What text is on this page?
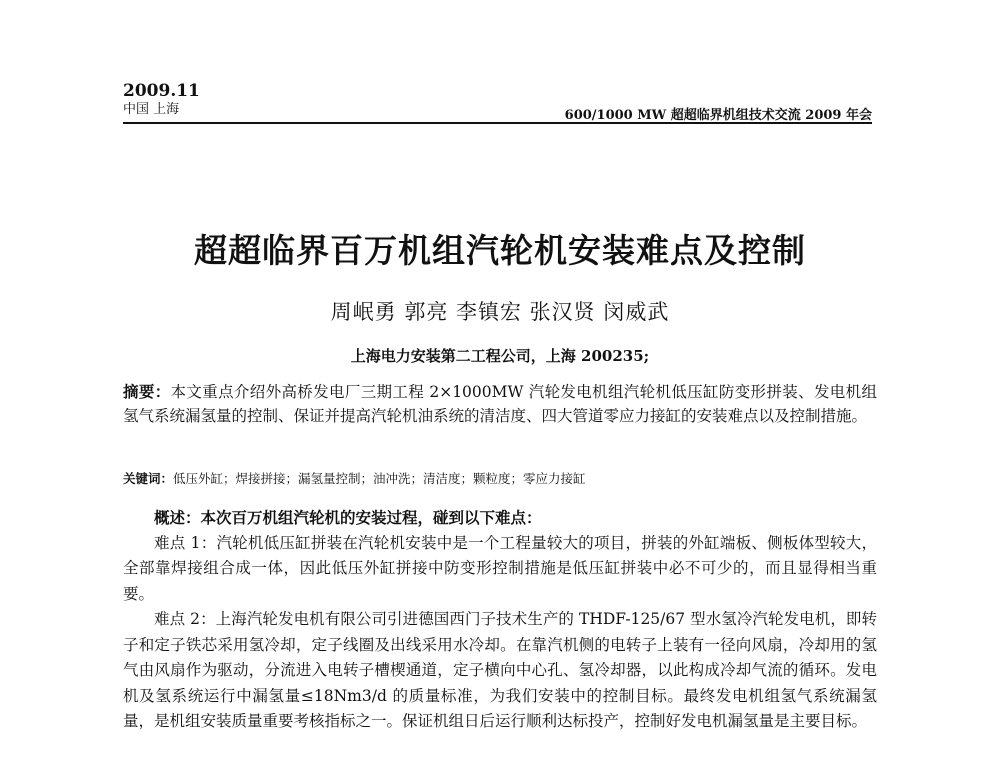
2009.11
中国 上海	600/1000 MW 超超临界机组技术交流 2009 年会
超超临界百万机组汽轮机安装难点及控制
周岷勇 郭亮 李镇宏 张汉贤 闵威武
上海电力安装第二工程公司，上海 200235;
摘要：本文重点介绍外高桥发电厂三期工程 2×1000MW 汽轮发电机组汽轮机低压缸防变形拼装、发电机组氢气系统漏氢量的控制、保证并提高汽轮机油系统的清洁度、四大管道零应力接缸的安装难点以及控制措施。
关键词：低压外缸；焊接拼接；漏氢量控制；油冲洗；清洁度；颗粒度；零应力接缸

概述：本次百万机组汽轮机的安装过程，碰到以下难点：

难点 1：汽轮机低压缸拼装在汽轮机安装中是一个工程量较大的项目，拼装的外缸端板、侧板体型较大，全部靠焊接组合成一体，因此低压外缸拼接中防变形控制措施是低压缸拼装中必不可少的，而且显得相当重要。

难点 2：上海汽轮发电机有限公司引进德国西门子技术生产的 THDF-125/67 型水氢冷汽轮发电机，即转子和定子铁芯采用氢冷却，定子线圈及出线采用水冷却。在靠汽机侧的电转子上装有一径向风扇，冷却用的氢气由风扇作为驱动，分流进入电转子槽楔通道，定子横向中心孔、氢冷却器，以此构成冷却气流的循环。发电机及氢系统运行中漏氢量≤18Nm3/d 的质量标准，为我们安装中的控制目标。最终发电机组氢气系统漏氢量，是机组安装质量重要考核指标之一。保证机组日后运行顺利达标投产，控制好发电机漏氢量是主要目标。
